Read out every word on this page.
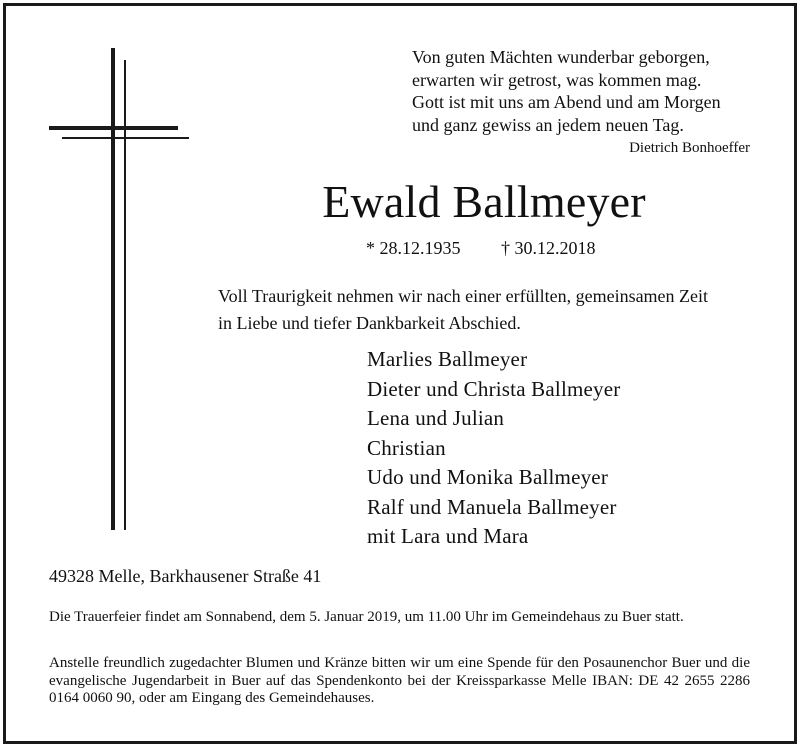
Von guten Mächten wunderbar geborgen,
erwarten wir getrost, was kommen mag.
Gott ist mit uns am Abend und am Morgen
und ganz gewiss an jedem neuen Tag.
Dietrich Bonhoeffer
Ewald Ballmeyer
* 28.12.1935 † 30.12.2018
Voll Traurigkeit nehmen wir nach einer erfüllten, gemeinsamen Zeit
in Liebe und tiefer Dankbarkeit Abschied.
Marlies Ballmeyer
Dieter und Christa Ballmeyer
Lena und Julian
Christian
Udo und Monika Ballmeyer
Ralf und Manuela Ballmeyer
mit Lara und Mara
49328 Melle, Barkhausener Straße 41
Die Trauerfeier findet am Sonnabend, dem 5. Januar 2019, um 11.00 Uhr im Gemeindehaus zu Buer statt.
Anstelle freundlich zugedachter Blumen und Kränze bitten wir um eine Spende für den Posaunenchor Buer und die evangelische Jugendarbeit in Buer auf das Spendenkonto bei der Kreissparkasse Melle IBAN: DE 42 2655 2286 0164 0060 90, oder am Eingang des Gemeindehauses.
